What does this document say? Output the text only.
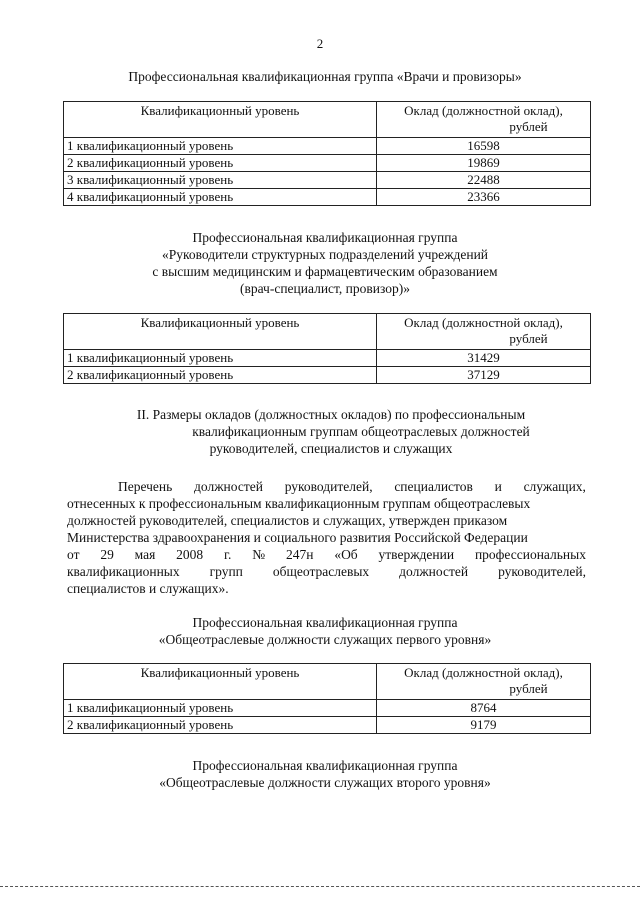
2
Профессиональная квалификационная группа «Врачи и провизоры»
Квалификационный уровень	Оклад (должностной оклад),
рублей

1 квалификационный уровень	16598
2 квалификационный уровень	19869
3 квалификационный уровень	22488
4 квалификационный уровень	23366
Профессиональная квалификационная группа
«Руководители структурных подразделений учреждений
с высшим медицинским и фармацевтическим образованием
(врач-специалист, провизор)»
Квалификационный уровень	Оклад (должностной оклад),
рублей

1 квалификационный уровень	31429
2 квалификационный уровень	37129
II. Размеры окладов (должностных окладов) по профессиональным
квалификационным группам общеотраслевых должностей
руководителей, специалистов и служащих
Перечень должностей руководителей, специалистов и служащих,
отнесенных к профессиональным квалификационным группам общеотраслевых
должностей руководителей, специалистов и служащих, утвержден приказом
Министерства здравоохранения и социального развития Российской Федерации
от 29 мая 2008 г. № 247н «Об утверждении профессиональных
квалификационных групп общеотраслевых должностей руководителей,
специалистов и служащих».
Профессиональная квалификационная группа
«Общеотраслевые должности служащих первого уровня»
Квалификационный уровень	Оклад (должностной оклад),
рублей

1 квалификационный уровень	8764
2 квалификационный уровень	9179
Профессиональная квалификационная группа
«Общеотраслевые должности служащих второго уровня»
